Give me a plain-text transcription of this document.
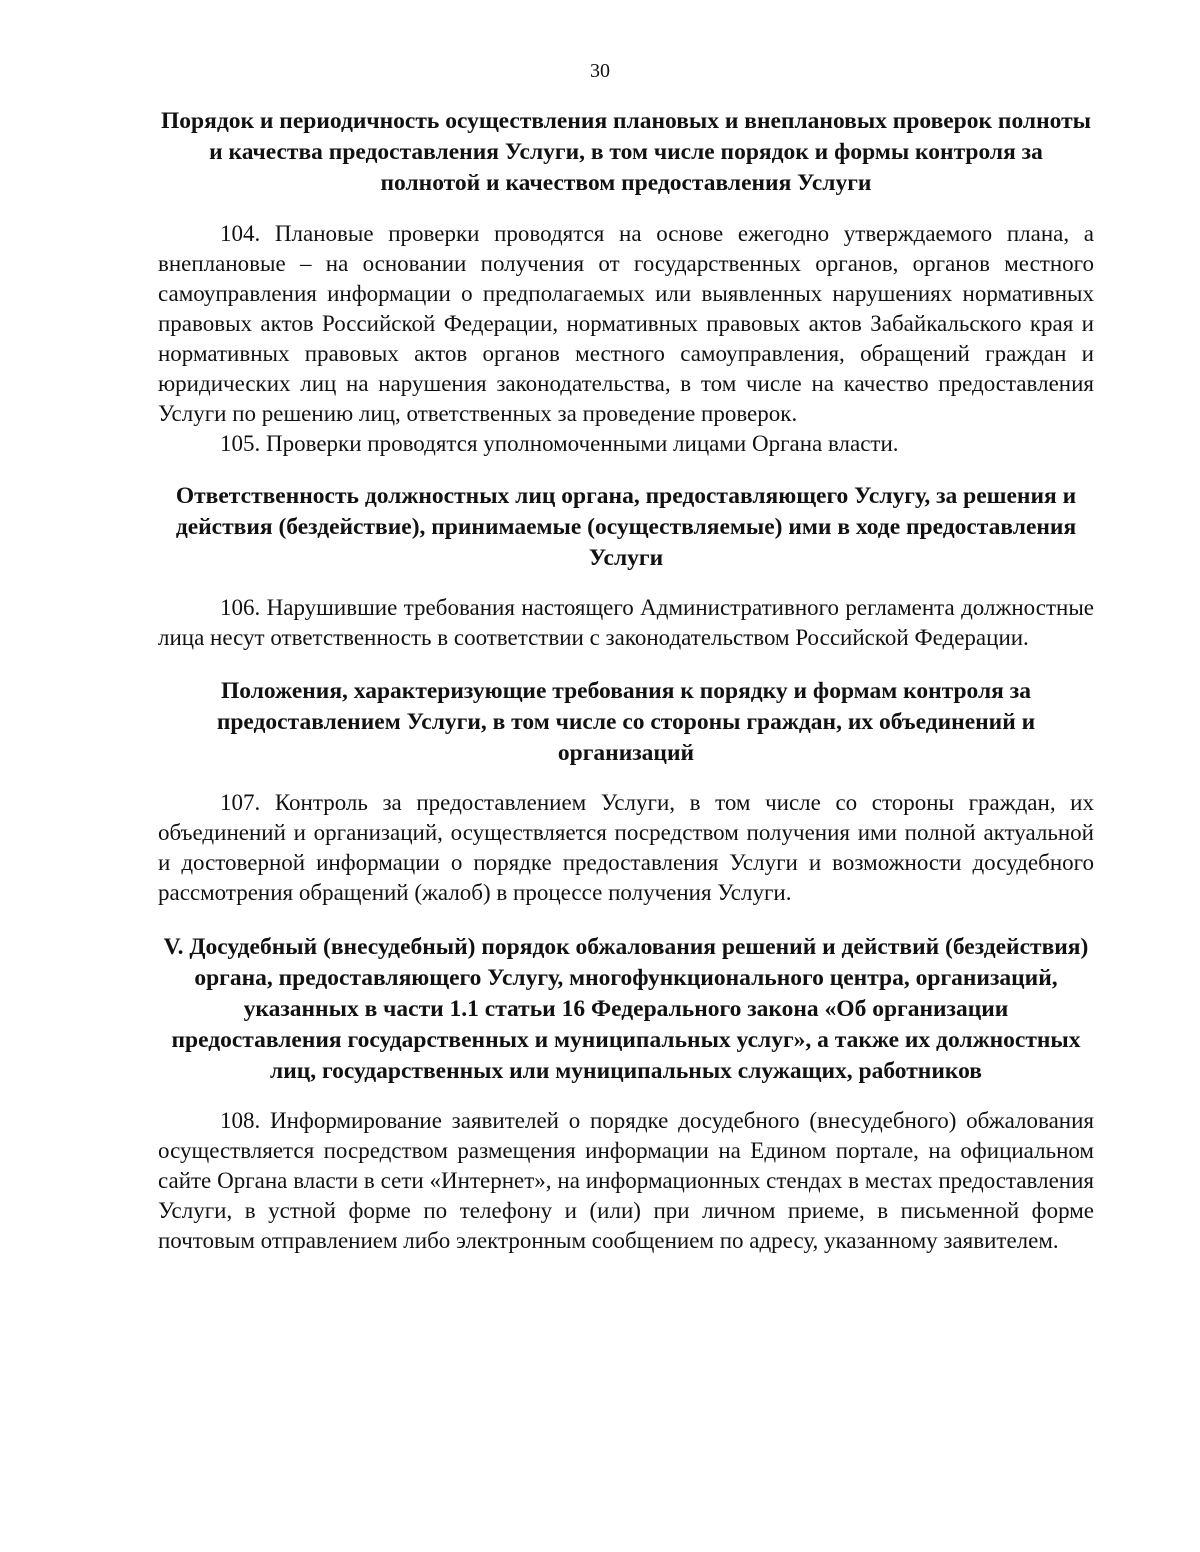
30

Порядок и периодичность осуществления плановых и внеплановых проверок полноты и качества предоставления Услуги, в том числе порядок и формы контроля за полнотой и качеством предоставления Услуги

104. Плановые проверки проводятся на основе ежегодно утверждаемого плана, а внеплановые – на основании получения от государственных органов, органов местного самоуправления информации о предполагаемых или выявленных нарушениях нормативных правовых актов Российской Федерации, нормативных правовых актов Забайкальского края и нормативных правовых актов органов местного самоуправления, обращений граждан и юридических лиц на нарушения законодательства, в том числе на качество предоставления Услуги по решению лиц, ответственных за проведение проверок.

105. Проверки проводятся уполномоченными лицами Органа власти.

Ответственность должностных лиц органа, предоставляющего Услугу, за решения и действия (бездействие), принимаемые (осуществляемые) ими в ходе предоставления Услуги

106. Нарушившие требования настоящего Административного регламента должностные лица несут ответственность в соответствии с законодательством Российской Федерации.

Положения, характеризующие требования к порядку и формам контроля за предоставлением Услуги, в том числе со стороны граждан, их объединений и организаций

107. Контроль за предоставлением Услуги, в том числе со стороны граждан, их объединений и организаций, осуществляется посредством получения ими полной актуальной и достоверной информации о порядке предоставления Услуги и возможности досудебного рассмотрения обращений (жалоб) в процессе получения Услуги.

V. Досудебный (внесудебный) порядок обжалования решений и действий (бездействия) органа, предоставляющего Услугу, многофункционального центра, организаций, указанных в части 1.1 статьи 16 Федерального закона «Об организации предоставления государственных и муниципальных услуг», а также их должностных лиц, государственных или муниципальных служащих, работников

108. Информирование заявителей о порядке досудебного (внесудебного) обжалования осуществляется посредством размещения информации на Едином портале, на официальном сайте Органа власти в сети «Интернет», на информационных стендах в местах предоставления Услуги, в устной форме по телефону и (или) при личном приеме, в письменной форме почтовым отправлением либо электронным сообщением по адресу, указанному заявителем.
